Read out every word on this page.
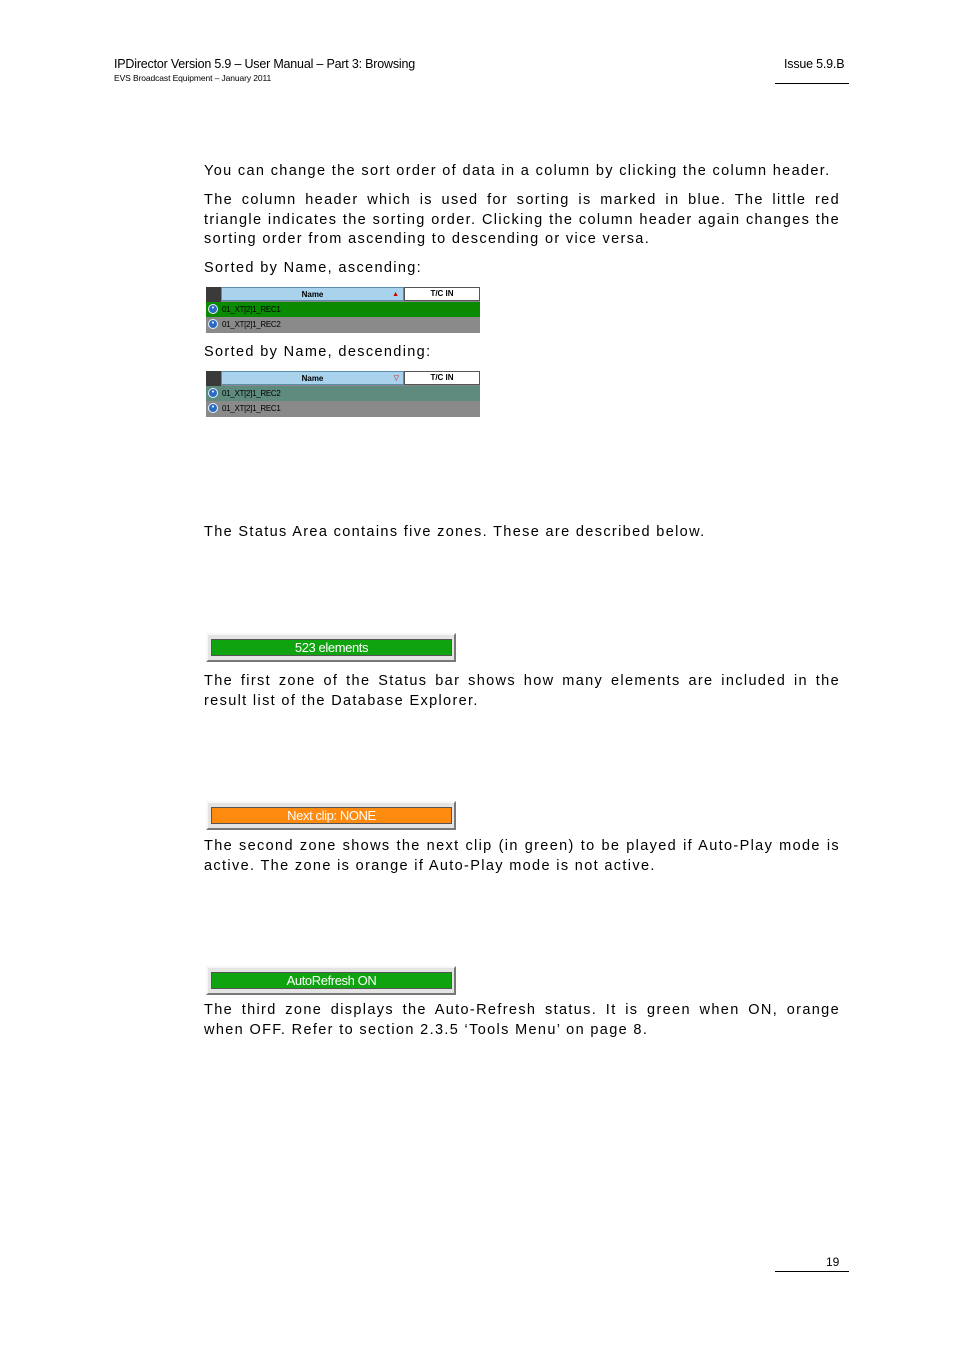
IPDirector Version 5.9 – User Manual – Part 3: Browsing
EVS Broadcast Equipment – January 2011
Issue 5.9.B

You can change the sort order of data in a column by clicking the column header.

The column header which is used for sorting is marked in blue. The little red triangle indicates the sorting order. Clicking the column header again changes the sorting order from ascending to descending or vice versa.

Sorted by Name, ascending:

Name	▲	T/C IN
• 01_XT[2]1_REC1
• 01_XT[2]1_REC2

Sorted by Name, descending:

Name	▽	T/C IN
• 01_XT[2]1_REC2
• 01_XT[2]1_REC1

The Status Area contains five zones. These are described below.

523 elements

The first zone of the Status bar shows how many elements are included in the result list of the Database Explorer.

Next clip: NONE

The second zone shows the next clip (in green) to be played if Auto-Play mode is active. The zone is orange if Auto-Play mode is not active.

AutoRefresh ON

The third zone displays the Auto-Refresh status. It is green when ON, orange when OFF. Refer to section 2.3.5 ‘Tools Menu’ on page 8.

19
